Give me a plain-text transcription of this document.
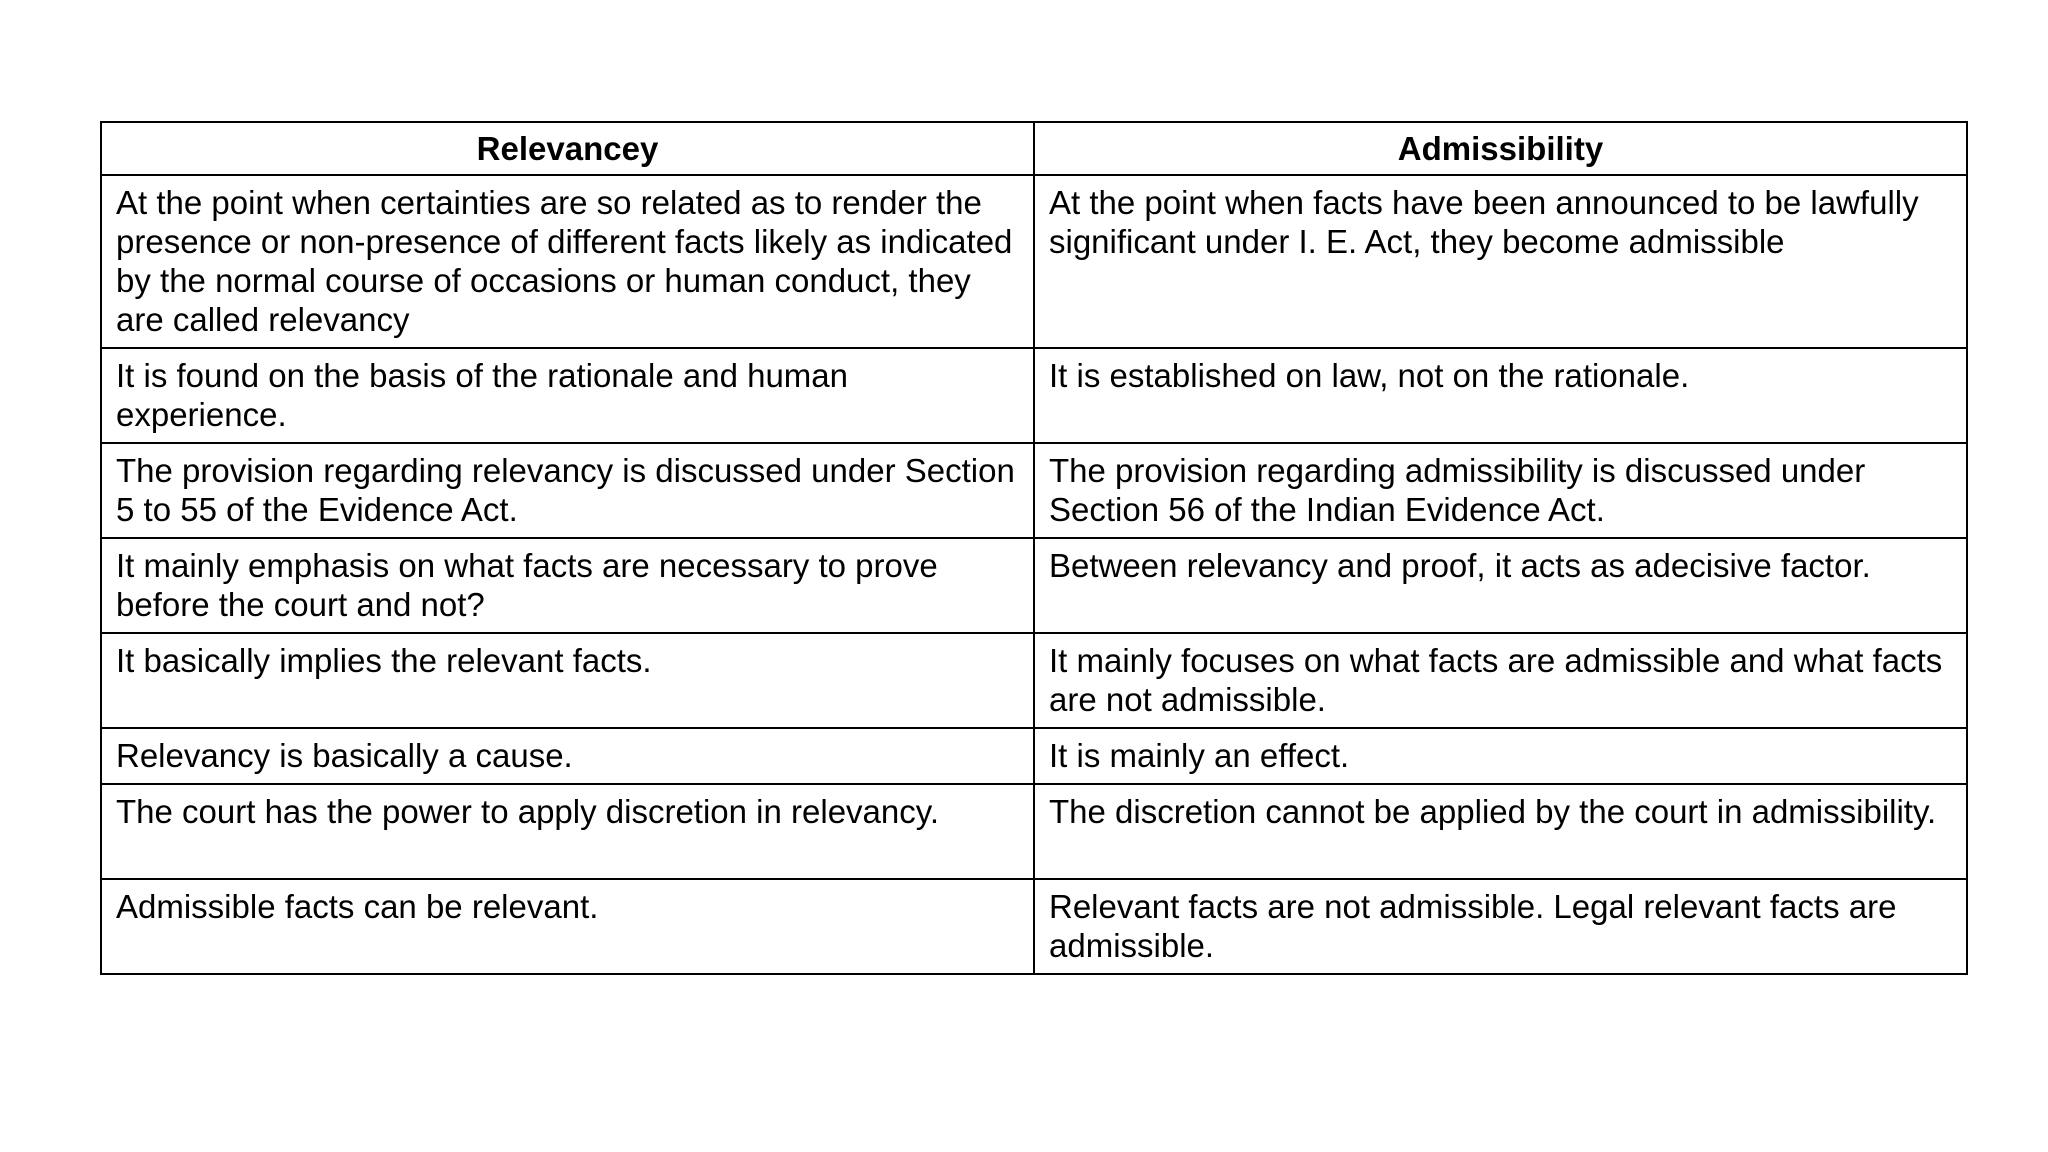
Relevancey	Admissibility
At the point when certainties are so related as to render the presence or non-presence of different facts likely as indicated by the normal course of occasions or human conduct, they are called relevancy	At the point when facts have been announced to be lawfully significant under I. E. Act, they become admissible
It is found on the basis of the rationale and human experience.	It is established on law, not on the rationale.
The provision regarding relevancy is discussed under Section 5 to 55 of the Evidence Act.	The provision regarding admissibility is discussed under Section 56 of the Indian Evidence Act.
It mainly emphasis on what facts are necessary to prove before the court and not?	Between relevancy and proof, it acts as adecisive factor.
It basically implies the relevant facts.	It mainly focuses on what facts are admissible and what facts are not admissible.
Relevancy is basically a cause.	It is mainly an effect.
The court has the power to apply discretion in relevancy.	The discretion cannot be applied by the court in admissibility.
Admissible facts can be relevant.	Relevant facts are not admissible. Legal relevant facts are admissible.
